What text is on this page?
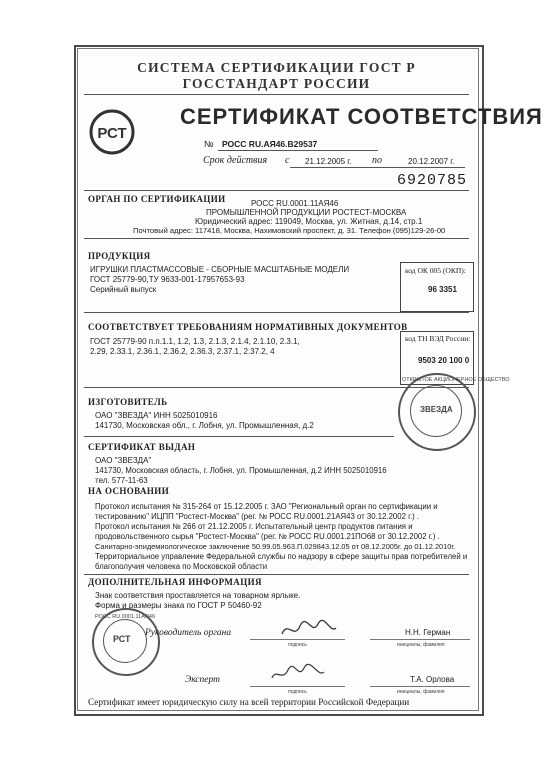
СИСТЕМА СЕРТИФИКАЦИИ ГОСТ Р
ГОССТАНДАРТ РОССИИ
РСТ
СЕРТИФИКАТ СООТВЕТСТВИЯ
№ РОСС RU.АЯ46.В29537
Срок действия с 21.12.2005 г. по	20.12.2007 г.
6920785
ОРГАН ПО СЕРТИФИКАЦИИ	РОСС RU.0001.11АЯ46
ПРОМЫШЛЕННОЙ ПРОДУКЦИИ РОСТЕСТ-МОСКВА
Юридический адрес: 119049, Москва, ул. Житная, д.14, стр.1
Почтовый адрес: 117418, Москва, Нахимовский проспект, д. 31. Телефон (095)129-26-00
ПРОДУКЦИЯ
ИГРУШКИ ПЛАСТМАССОВЫЕ - СБОРНЫЕ МАСШТАБНЫЕ МОДЕЛИ
ГОСТ 25779-90,ТУ 9633-001-17957653-93
Серийный выпуск
код ОК 005 (ОКП):
96 3351
СООТВЕТСТВУЕТ ТРЕБОВАНИЯМ НОРМАТИВНЫХ ДОКУМЕНТОВ
ГОСТ 25779-90 п.п.1.1, 1.2, 1.3, 2.1.3, 2.1.4, 2.1.10, 2.3.1,
2.29, 2.33.1, 2.36.1, 2.36.2, 2.36.3, 2.37.1, 2.37.2, 4
код ТН ВЭД России:
9503 20 100 0
ИЗГОТОВИТЕЛЬ
ОАО "ЗВЕЗДА" ИНН 5025010916
141730, Московская обл., г. Лобня, ул. Промышленная, д.2
ОТКРЫТОЕ АКЦИОНЕРНОЕ ОБЩЕСТВО
ЗВЕЗДА
СЕРТИФИКАТ ВЫДАН
ОАО "ЗВЕЗДА"
141730, Московская область, г. Лобня, ул. Промышленная, д.2 ИНН 5025010916
тел. 577-11-63
НА ОСНОВАНИИ
Протокол испытания № 315-264 от 15.12.2005 г. ЗАО "Региональный орган по сертификации и
тестированию" ИЦПП "Ростест-Москва" (рег. № РОСС RU.0001.21АЯ43 от 30.12.2002 г.) .
Протокол испытания № 266 от 21.12.2005 г. Испытательный центр продуктов питания и
продовольственного сырья "Ростест-Москва" (рег. № РОСС RU.0001.21ПО68 от 30.12.2002 г.) .
Санитарно-эпидемиологическое заключение 50.99.05.963.П.029843.12.05 от 08.12.2005г. до 01.12.2010г.
Территориальное управление Федеральной службы по надзору в сфере защиты прав потребителей и
благополучия человека по Московской области
ДОПОЛНИТЕЛЬНАЯ ИНФОРМАЦИЯ
Знак соответствия проставляется на товарном ярлыке.
Форма и размеры знака по ГОСТ Р 50460-92
РОСС RU.0001.11АЯ46
РСТ
Руководитель органа
подпись
Н.Н. Герман
инициалы, фамилия
Эксперт
подпись
Т.А. Орлова
инициалы, фамилия
Сертификат имеет юридическую силу на всей территории Российской Федерации
